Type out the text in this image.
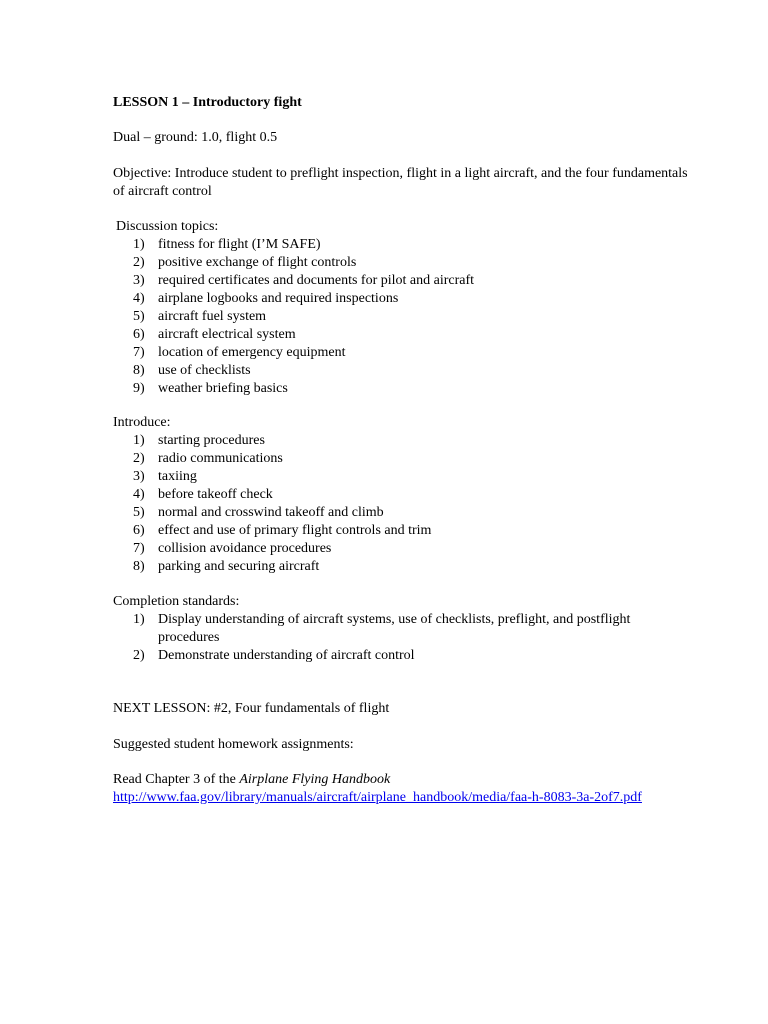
LESSON 1 – Introductory fight
Dual – ground: 1.0, flight 0.5
Objective: Introduce student to preflight inspection, flight in a light aircraft, and the four fundamentals of aircraft control
Discussion topics:
1) fitness for flight (I’M SAFE)
2) positive exchange of flight controls
3) required certificates and documents for pilot and aircraft
4) airplane logbooks and required inspections
5) aircraft fuel system
6) aircraft electrical system
7) location of emergency equipment
8) use of checklists
9) weather briefing basics
Introduce:
1) starting procedures
2) radio communications
3) taxiing
4) before takeoff check
5) normal and crosswind takeoff and climb
6) effect and use of primary flight controls and trim
7) collision avoidance procedures
8) parking and securing aircraft
Completion standards:
1) Display understanding of aircraft systems, use of checklists, preflight, and postflight procedures
2) Demonstrate understanding of aircraft control
NEXT LESSON: #2, Four fundamentals of flight
Suggested student homework assignments:
Read Chapter 3 of the Airplane Flying Handbook
http://www.faa.gov/library/manuals/aircraft/airplane_handbook/media/faa-h-8083-3a-2of7.pdf
